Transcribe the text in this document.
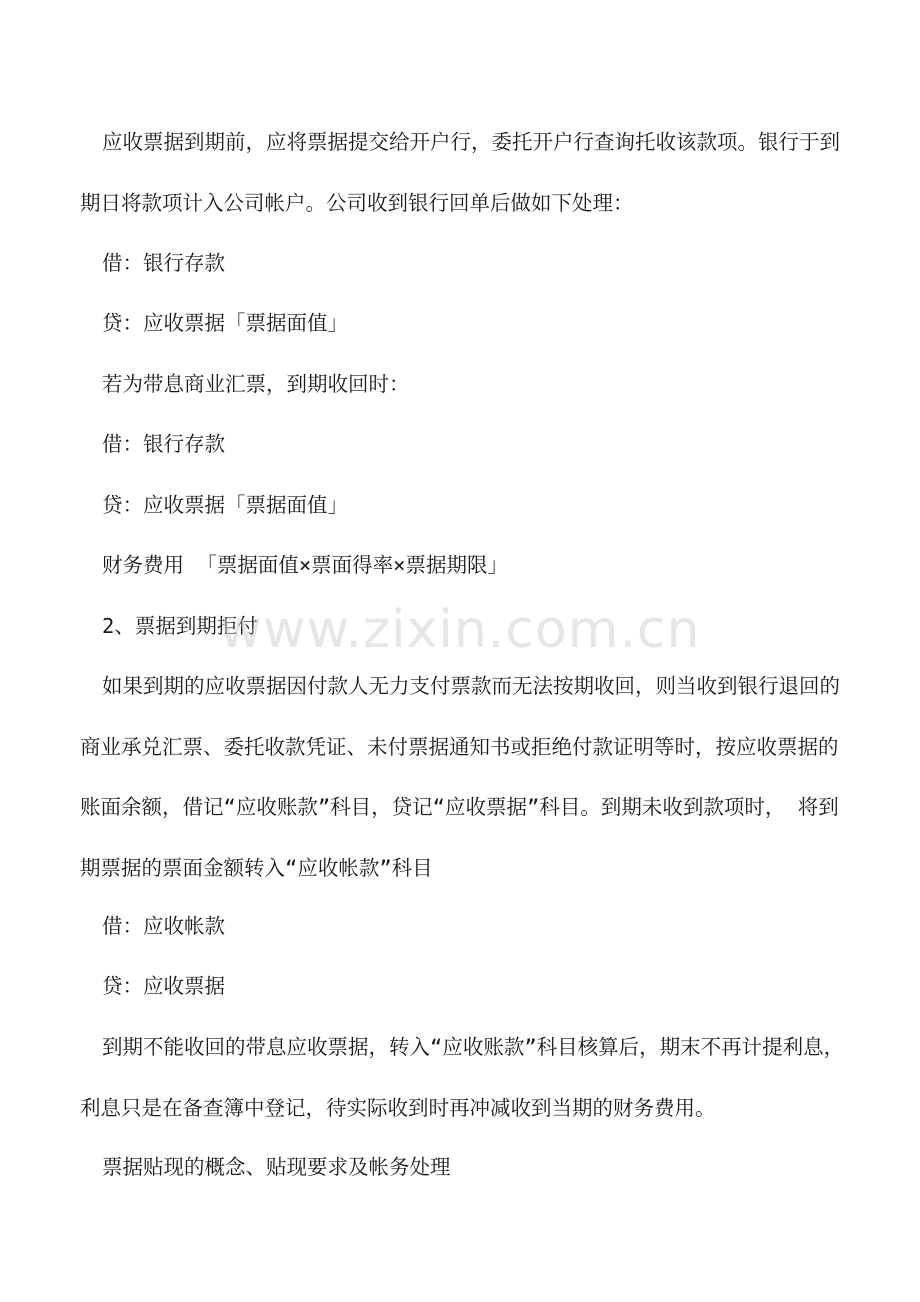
应收票据到期前，应将票据提交给开户行，委托开户行查询托收该款项。银行于到期日将款项计入公司帐户。公司收到银行回单后做如下处理：

借：银行存款

贷：应收票据「票据面值」

若为带息商业汇票，到期收回时：

借：银行存款

贷：应收票据「票据面值」

财务费用 「票据面值×票面得率×票据期限」

2、票据到期拒付

如果到期的应收票据因付款人无力支付票款而无法按期收回，则当收到银行退回的商业承兑汇票、委托收款凭证、未付票据通知书或拒绝付款证明等时，按应收票据的账面余额，借记“应收账款”科目，贷记“应收票据”科目。到期未收到款项时， 将到期票据的票面金额转入“应收帐款”科目

借：应收帐款

贷：应收票据

到期不能收回的带息应收票据，转入“应收账款”科目核算后，期末不再计提利息，利息只是在备查簿中登记，待实际收到时再冲减收到当期的财务费用。

票据贴现的概念、贴现要求及帐务处理

www.zixin.com.cn
